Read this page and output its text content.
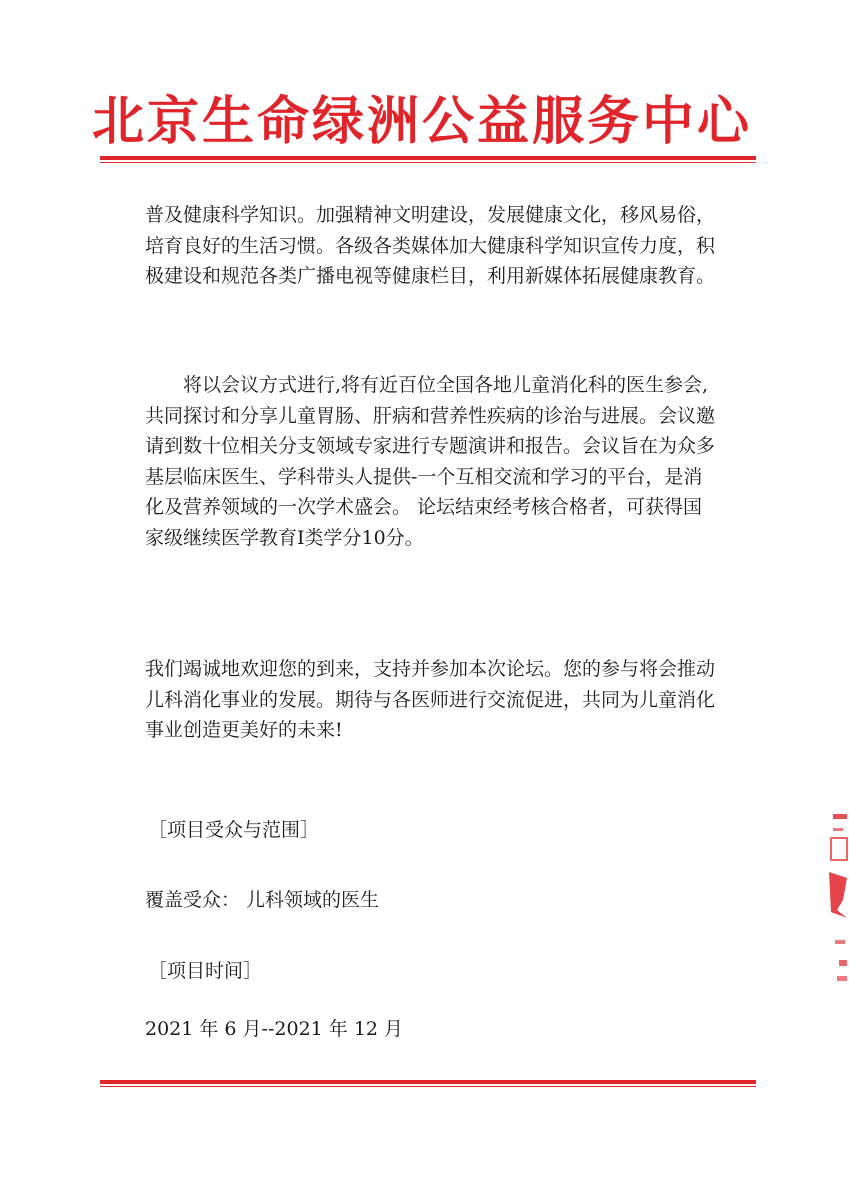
北京生命绿洲公益服务中心
普及健康科学知识。加强精神文明建设，发展健康文化，移风易俗，培育良好的生活习惯。各级各类媒体加大健康科学知识宣传力度，积极建设和规范各类广播电视等健康栏目，利用新媒体拓展健康教育。
将以会议方式进行,将有近百位全国各地儿童消化科的医生参会,共同探讨和分享儿童胃肠、肝病和营养性疾病的诊治与进展。会议邀请到数十位相关分支领域专家进行专题演讲和报告。会议旨在为众多基层临床医生、学科带头人提供-一个互相交流和学习的平台，是消化及营养领域的一次学术盛会。 论坛结束经考核合格者，可获得国家级继续医学教育Ⅰ类学分10分。
我们竭诚地欢迎您的到来，支持并参加本次论坛。您的参与将会推动儿科消化事业的发展。期待与各医师进行交流促进，共同为儿童消化事业创造更美好的未来!
［项目受众与范围］
覆盖受众： 儿科领域的医生
［项目时间］
2021 年 6 月--2021 年 12 月
